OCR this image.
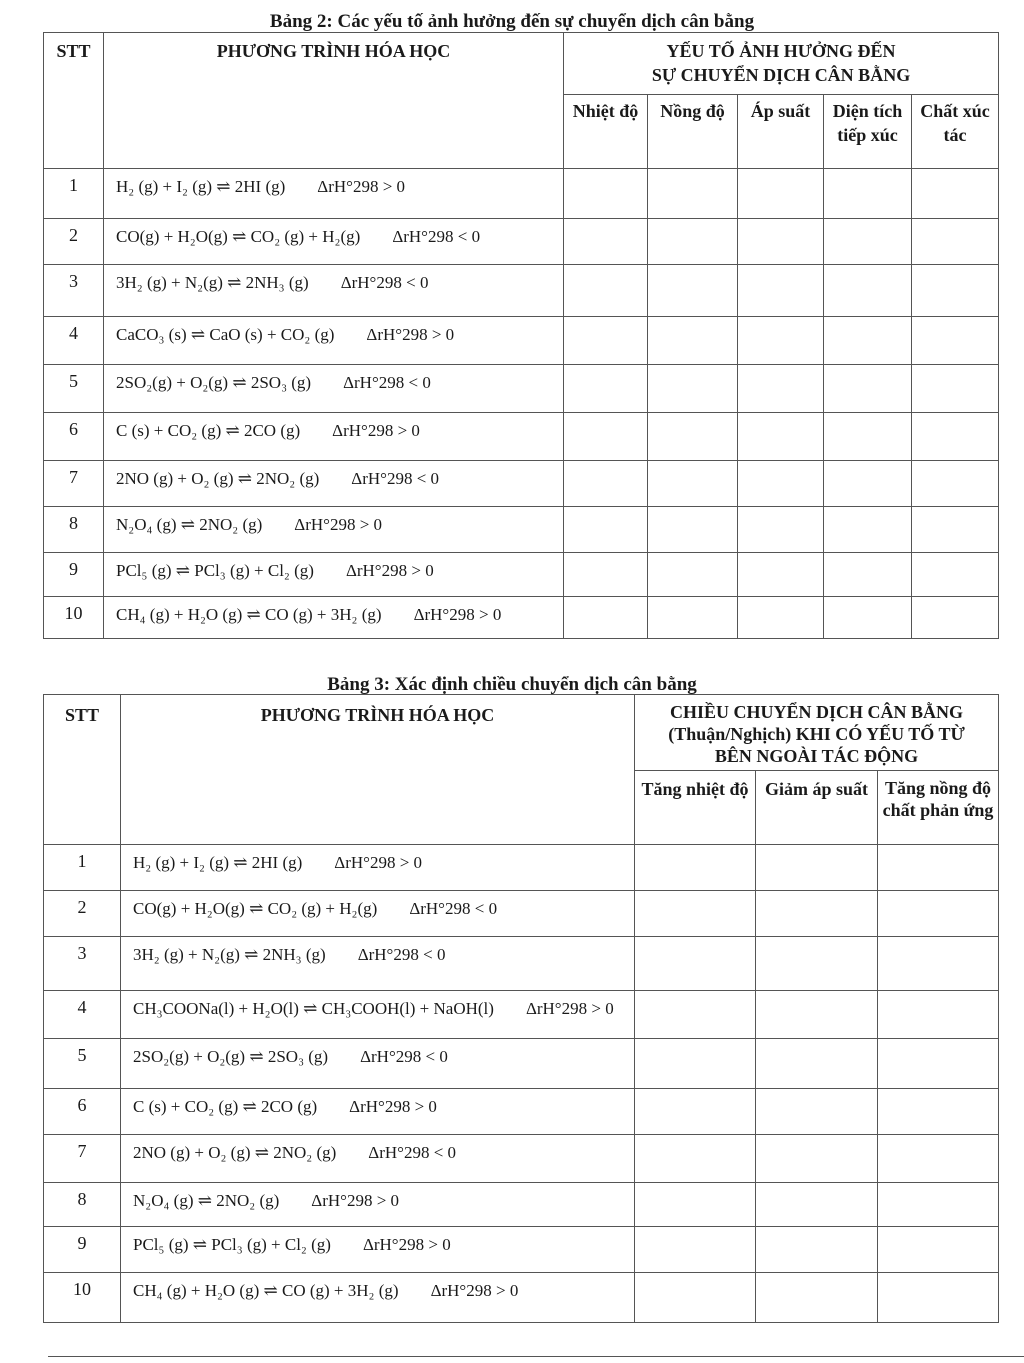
Bảng 2: Các yếu tố ảnh hưởng đến sự chuyển dịch cân bằng
STT	PHƯƠNG TRÌNH HÓA HỌC	YẾU TỐ ẢNH HƯỞNG ĐẾN
SỰ CHUYỂN DỊCH CÂN BẰNG				

		Nhiệt độ	Nồng độ	Áp suất	Diện tích tiếp xúc	Chất xúc tác
1	H₂ (g) + I₂ (g) ⇌ 2HI (g) ΔrH°298 > 0					
2	CO(g) + H₂O(g) ⇌ CO₂ (g) + H₂(g) ΔrH°298 < 0					
3	3H₂ (g) + N₂(g) ⇌ 2NH₃ (g) ΔrH°298 < 0					
4	CaCO₃ (s) ⇌ CaO (s) + CO₂ (g) ΔrH°298 > 0					
5	2SO₂(g) + O₂(g) ⇌ 2SO₃ (g) ΔrH°298 < 0					
6	C (s) + CO₂ (g) ⇌ 2CO (g) ΔrH°298 > 0					
7	2NO (g) + O₂ (g) ⇌ 2NO₂ (g) ΔrH°298 < 0					
8	N₂O₄ (g) ⇌ 2NO₂ (g) ΔrH°298 > 0					
9	PCl₅ (g) ⇌ PCl₃ (g) + Cl₂ (g) ΔrH°298 > 0					
10	CH₄ (g) + H₂O (g) ⇌ CO (g) + 3H₂ (g) ΔrH°298 > 0					
Bảng 3: Xác định chiều chuyển dịch cân bằng
STT	PHƯƠNG TRÌNH HÓA HỌC	CHIỀU CHUYỂN DỊCH CÂN BẰNG
(Thuận/Nghịch) KHI CÓ YẾU TỐ TỪ
BÊN NGOÀI TÁC ĐỘNG		

		Tăng nhiệt độ	Giảm áp suất	Tăng nồng độ chất phản ứng
1	H₂ (g) + I₂ (g) ⇌ 2HI (g) ΔrH°298 > 0			
2	CO(g) + H₂O(g) ⇌ CO₂ (g) + H₂(g) ΔrH°298 < 0			
3	3H₂ (g) + N₂(g) ⇌ 2NH₃ (g) ΔrH°298 < 0			
4	CH₃COONa(l) + H₂O(l) ⇌ CH₃COOH(l) + NaOH(l) ΔrH°298 > 0			
5	2SO₂(g) + O₂(g) ⇌ 2SO₃ (g) ΔrH°298 < 0			
6	C (s) + CO₂ (g) ⇌ 2CO (g) ΔrH°298 > 0			
7	2NO (g) + O₂ (g) ⇌ 2NO₂ (g) ΔrH°298 < 0			
8	N₂O₄ (g) ⇌ 2NO₂ (g) ΔrH°298 > 0			
9	PCl₅ (g) ⇌ PCl₃ (g) + Cl₂ (g) ΔrH°298 > 0			
10	CH₄ (g) + H₂O (g) ⇌ CO (g) + 3H₂ (g) ΔrH°298 > 0			
